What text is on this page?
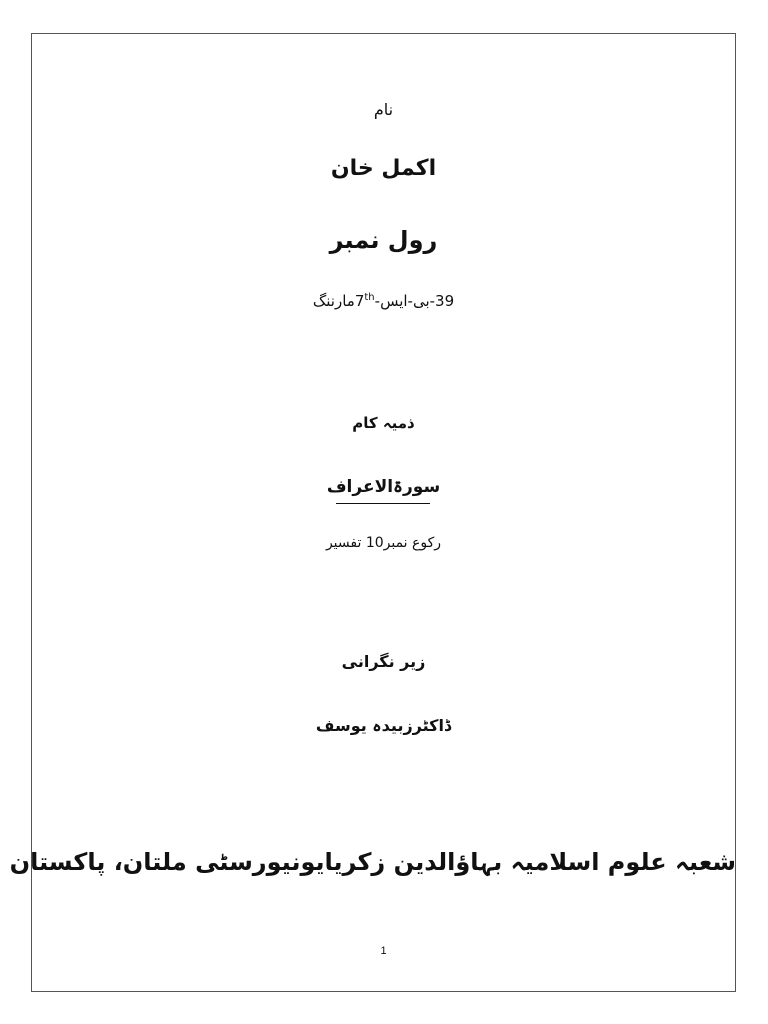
نام
اکمل خان
رول نمبر
39-بی-ایس-7thمارننگ
ذمیہ کام
سورۃالاعراف
رکوع نمبر10 تفسیر
زیر نگرانی
ڈاکٹرزبیدہ یوسف
شعبہ علوم اسلامیہ بہاؤالدین زکریایونیورسٹی ملتان، پاکستان
1
